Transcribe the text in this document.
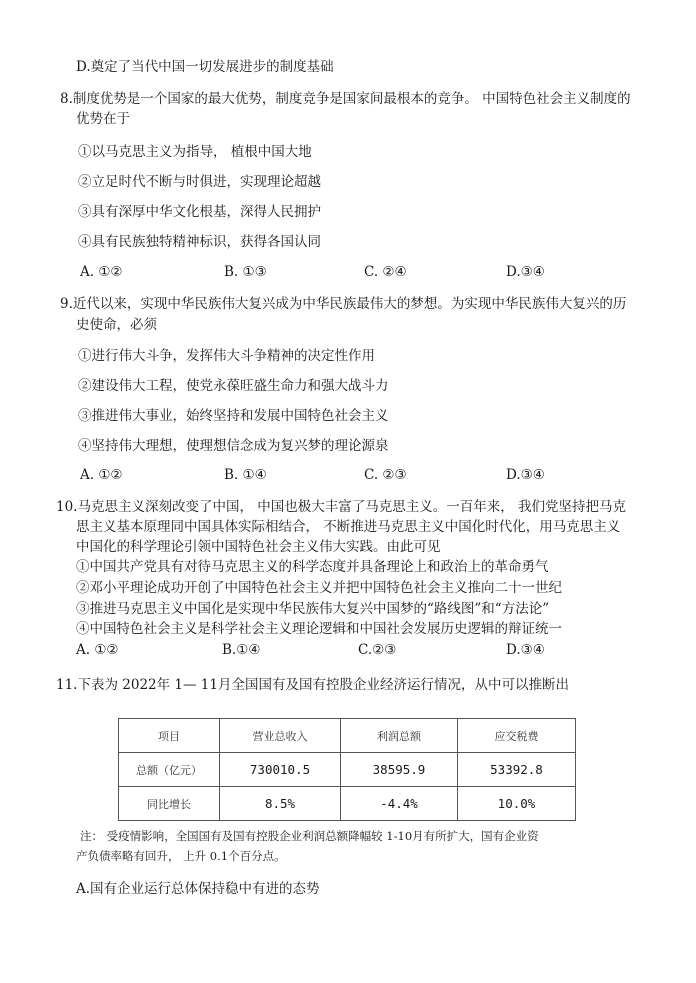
D.奠定了当代中国一切发展进步的制度基础
8.制度优势是一个国家的最大优势，制度竞争是国家间最根本的竞争。 中国特色社会主义制度的
优势在于
①以马克思主义为指导， 植根中国大地
②立足时代不断与时俱进，实现理论超越
③具有深厚中华文化根基，深得人民拥护
④具有民族独特精神标识，获得各国认同
A. ①②	B. ①③	C. ②④	D.③④
9.近代以来，实现中华民族伟大复兴成为中华民族最伟大的梦想。为实现中华民族伟大复兴的历
史使命，必须
①进行伟大斗争，发挥伟大斗争精神的决定性作用
②建设伟大工程，使党永葆旺盛生命力和强大战斗力
③推进伟大事业，始终坚持和发展中国特色社会主义
④坚持伟大理想，使理想信念成为复兴梦的理论源泉
A. ①②	B. ①④	C. ②③	D.③④
10.马克思主义深刻改变了中国， 中国也极大丰富了马克思主义。一百年来， 我们党坚持把马克
思主义基本原理同中国具体实际相结合， 不断推进马克思主义中国化时代化，用马克思主义
中国化的科学理论引领中国特色社会主义伟大实践。由此可见
①中国共产党具有对待马克思主义的科学态度并具备理论上和政治上的革命勇气
②邓小平理论成功开创了中国特色社会主义并把中国特色社会主义推向二十一世纪
③推进马克思主义中国化是实现中华民族伟大复兴中国梦的“路线图”和“方法论”
④中国特色社会主义是科学社会主义理论逻辑和中国社会发展历史逻辑的辩证统一
A. ①②	B.①④	C.②③	D.③④
11.下表为 2022年 1— 11月全国国有及国有控股企业经济运行情况，从中可以推断出
项目	营业总收入	利润总额	应交税费
总额（亿元）	730010.5	38595.9	53392.8
同比增长	8.5%	-4.4%	10.0%
注： 受疫情影响，全国国有及国有控股企业利润总额降幅较 1-10月有所扩大，国有企业资
产负债率略有回升， 上升 0.1个百分点。
A.国有企业运行总体保持稳中有进的态势
